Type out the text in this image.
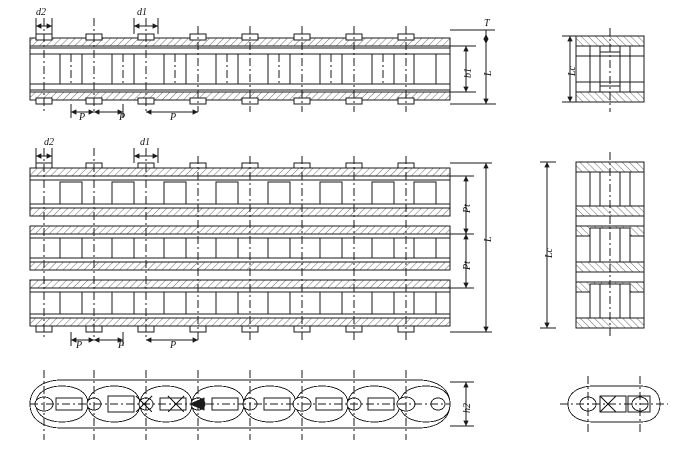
d2	d1
T
b1 L
P	P	P
Lc
d2	d1
Pt
Pt
L
P	P	P
Lc
h2
